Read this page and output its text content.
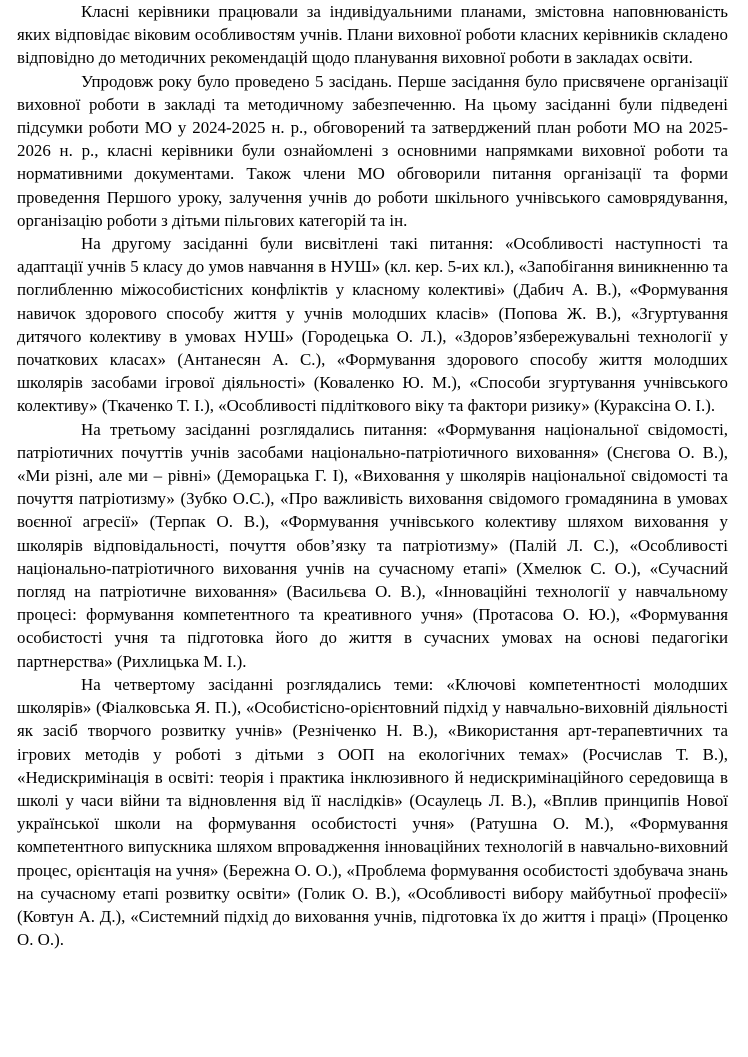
Класні керівники працювали за індивідуальними планами, змістовна наповнюваність яких відповідає віковим особливостям учнів. Плани виховної роботи класних керівників складено відповідно до методичних рекомендацій щодо планування виховної роботи в закладах освіти.

Упродовж року було проведено 5 засідань. Перше засідання було присвячене організації виховної роботи в закладі та методичному забезпеченню. На цьому засіданні були підведені підсумки роботи МО у 2024-2025 н. р., обговорений та затверджений план роботи МО на 2025-2026 н. р., класні керівники були ознайомлені з основними напрямками виховної роботи та нормативними документами. Також члени МО обговорили питання організації та форми проведення Першого уроку, залучення учнів до роботи шкільного учнівського самоврядування, організацію роботи з дітьми пільгових категорій та ін.

На другому засіданні були висвітлені такі питання: «Особливості наступності та адаптації учнів 5 класу до умов навчання в НУШ» (кл. кер. 5-их кл.), «Запобігання виникненню та поглибленню міжособистісних конфліктів у класному колективі» (Дабич А. В.), «Формування навичок здорового способу життя у учнів молодших класів» (Попова Ж. В.), «Згуртування дитячого колективу в умовах НУШ» (Городецька О. Л.), «Здоров’язбережувальні технології у початкових класах» (Антанесян А. С.), «Формування здорового способу життя молодших школярів засобами ігрової діяльності» (Коваленко Ю. М.), «Способи згуртування учнівського колективу» (Ткаченко Т. І.), «Особливості підліткового віку та фактори ризику» (Кураксіна О. І.).

На третьому засіданні розглядались питання: «Формування національної свідомості, патріотичних почуттів учнів засобами національно-патріотичного виховання» (Снєгова О. В.), «Ми різні, але ми – рівні» (Деморацька Г. І), «Виховання у школярів національної свідомості та почуття патріотизму» (Зубко О.С.), «Про важливість виховання свідомого громадянина в умовах воєнної агресії» (Терпак О. В.), «Формування учнівського колективу шляхом виховання у школярів відповідальності, почуття обов’язку та патріотизму» (Палій Л. С.), «Особливості національно-патріотичного виховання учнів на сучасному етапі» (Хмелюк С. О.), «Сучасний погляд на патріотичне виховання» (Васильєва О. В.), «Інноваційні технології у навчальному процесі: формування компетентного та креативного учня» (Протасова О. Ю.), «Формування особистості учня та підготовка його до життя в сучасних умовах на основі педагогіки партнерства» (Рихлицька М. І.).

На четвертому засіданні розглядались теми: «Ключові компетентності молодших школярів» (Фіалковська Я. П.), «Особистісно-орієнтовний підхід у навчально-виховній діяльності як засіб творчого розвитку учнів» (Резніченко Н. В.), «Використання арт-терапевтичних та ігрових методів у роботі з дітьми з ООП на екологічних темах» (Росчислав Т. В.), «Недискримінація в освіті: теорія і практика інклюзивного й недискримінаційного середовища в школі у часи війни та відновлення від її наслідків» (Осаулець Л. В.), «Вплив принципів Нової української школи на формування особистості учня» (Ратушна О. М.), «Формування компетентного випускника шляхом впровадження інноваційних технологій в навчально-виховний процес, орієнтація на учня» (Бережна О. О.), «Проблема формування особистості здобувача знань на сучасному етапі розвитку освіти» (Голик О. В.), «Особливості вибору майбутньої професії» (Ковтун А. Д.), «Системний підхід до виховання учнів, підготовка їх до життя і праці» (Проценко О. О.).
